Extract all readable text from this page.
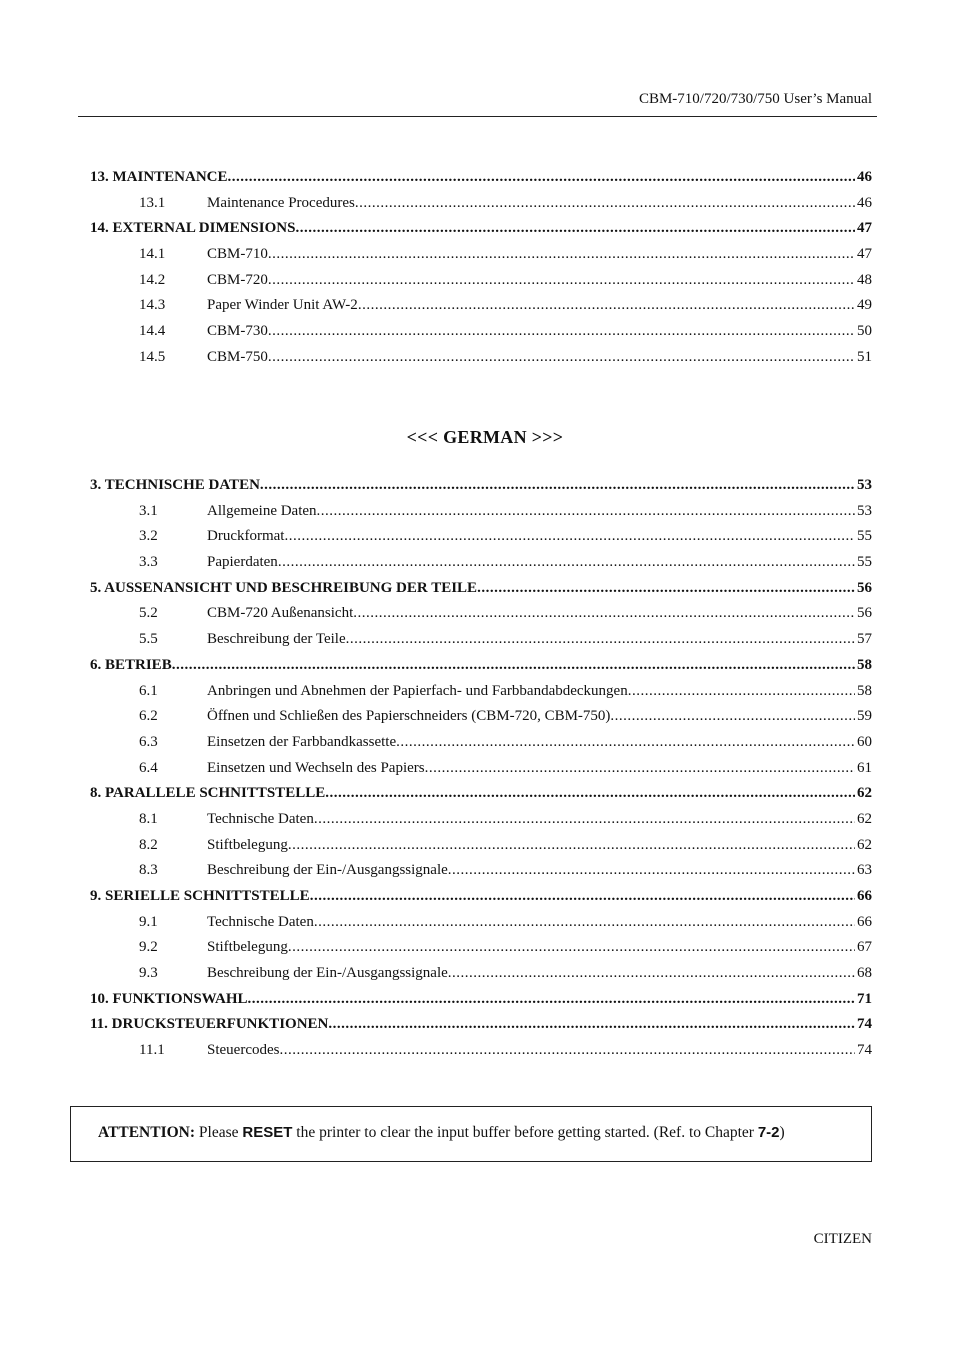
CBM-710/720/730/750 User’s Manual
13. MAINTENANCE .....	46
13.1	Maintenance Procedures .....	46
14. EXTERNAL DIMENSIONS .....	47
14.1	CBM-710 .....	47
14.2	CBM-720 .....	48
14.3	Paper Winder Unit AW-2 .....	49
14.4	CBM-730 .....	50
14.5	CBM-750 .....	51
<<< GERMAN >>>
3. TECHNISCHE DATEN .....	53
3.1	Allgemeine Daten .....	53
3.2	Druckformat .....	55
3.3	Papierdaten .....	55
5. AUSSENANSICHT UND BESCHREIBUNG DER TEILE .....	56
5.2	CBM-720 Außenansicht .....	56
5.5	Beschreibung der Teile .....	57
6. BETRIEB .....	58
6.1	Anbringen und Abnehmen der Papierfach- und Farbbandabdeckungen .....	58
6.2	Öffnen und Schließen des Papierschneiders (CBM-720, CBM-750) .....	59
6.3	Einsetzen der Farbbandkassette .....	60
6.4	Einsetzen und Wechseln des Papiers .....	61
8. PARALLELE SCHNITTSTELLE .....	62
8.1	Technische Daten .....	62
8.2	Stiftbelegung .....	62
8.3	Beschreibung der Ein-/Ausgangssignale .....	63
9. SERIELLE SCHNITTSTELLE .....	66
9.1	Technische Daten .....	66
9.2	Stiftbelegung .....	67
9.3	Beschreibung der Ein-/Ausgangssignale .....	68
10. FUNKTIONSWAHL .....	71
11. DRUCKSTEUERFUNKTIONEN .....	74
11.1	Steuercodes .....	74
ATTENTION: Please RESET the printer to clear the input buffer before getting started. (Ref. to Chapter 7-2)
CITIZEN
